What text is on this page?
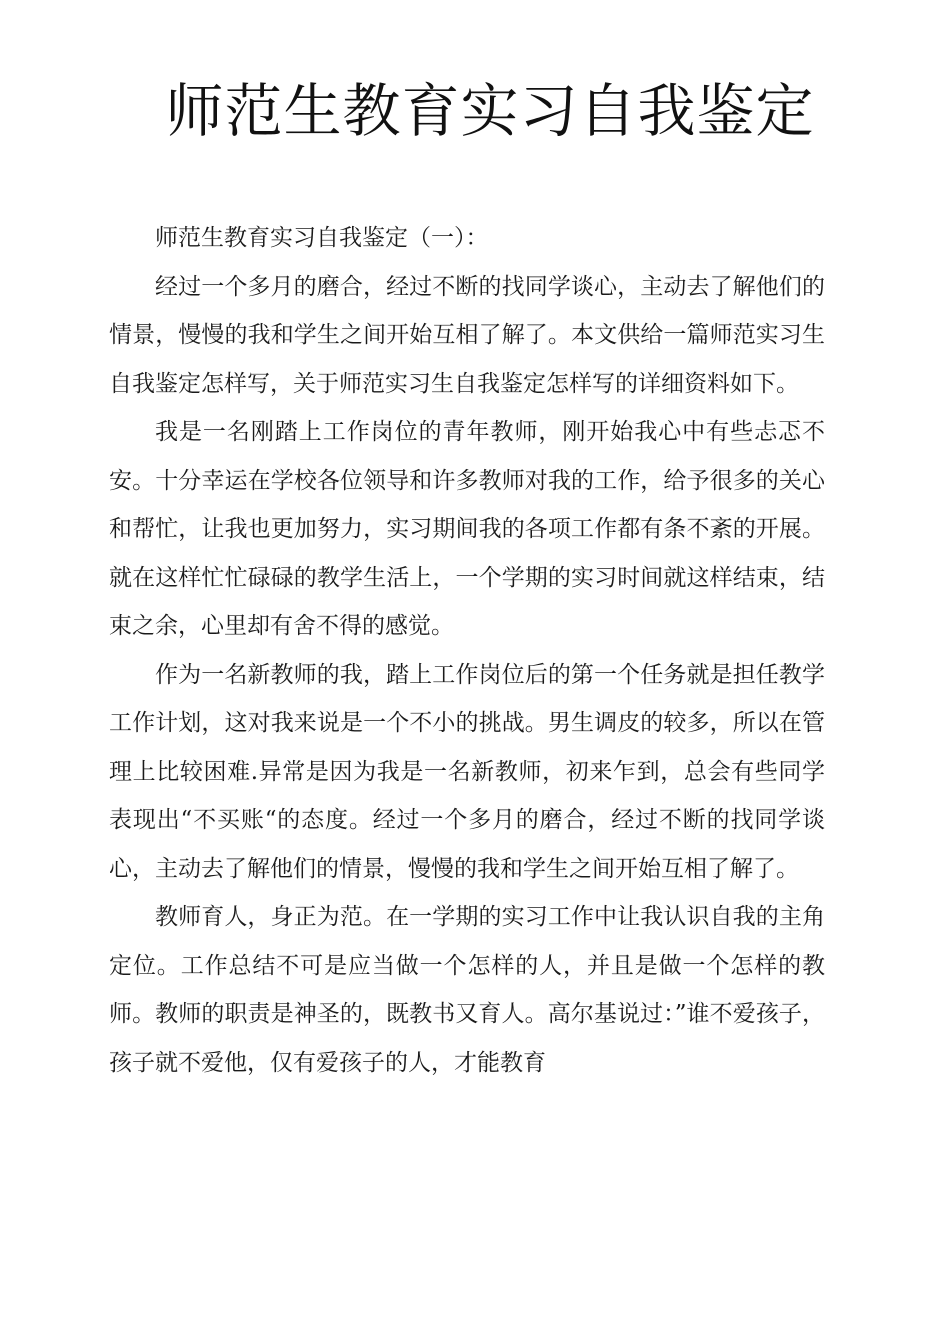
师范生教育实习自我鉴定

师范生教育实习自我鉴定（一）：

经过一个多月的磨合，经过不断的找同学谈心，主动去了解他们的情景，慢慢的我和学生之间开始互相了解了。本文供给一篇师范实习生自我鉴定怎样写，关于师范实习生自我鉴定怎样写的详细资料如下。

我是一名刚踏上工作岗位的青年教师，刚开始我心中有些忐忑不安。十分幸运在学校各位领导和许多教师对我的工作，给予很多的关心和帮忙，让我也更加努力，实习期间我的各项工作都有条不紊的开展。就在这样忙忙碌碌的教学生活上，一个学期的实习时间就这样结束，结束之余，心里却有舍不得的感觉。

作为一名新教师的我，踏上工作岗位后的第一个任务就是担任教学工作计划，这对我来说是一个不小的挑战。男生调皮的较多，所以在管理上比较困难.异常是因为我是一名新教师，初来乍到，总会有些同学表现出“不买账“的态度。经过一个多月的磨合，经过不断的找同学谈心，主动去了解他们的情景，慢慢的我和学生之间开始互相了解了。

教师育人，身正为范。在一学期的实习工作中让我认识自我的主角定位。工作总结不可是应当做一个怎样的人，并且是做一个怎样的教师。教师的职责是神圣的，既教书又育人。高尔基说过：”谁不爱孩子，孩子就不爱他，仅有爱孩子的人，才能教育
